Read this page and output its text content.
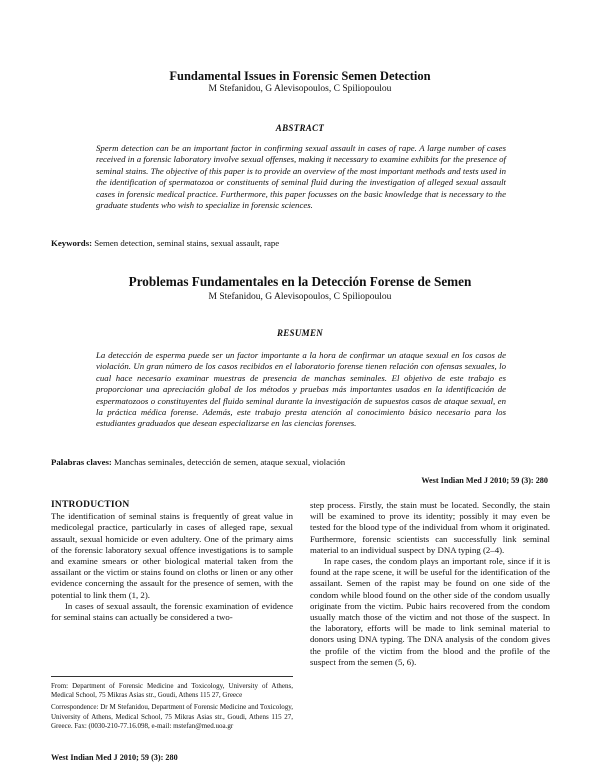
Fundamental Issues in Forensic Semen Detection
M Stefanidou, G Alevisopoulos, C Spiliopoulou
ABSTRACT
Sperm detection can be an important factor in confirming sexual assault in cases of rape. A large number of cases received in a forensic laboratory involve sexual offenses, making it necessary to examine exhibits for the presence of seminal stains. The objective of this paper is to provide an overview of the most important methods and tests used in the identification of spermatozoa or constituents of seminal fluid during the investigation of alleged sexual assault cases in forensic medical practice. Furthermore, this paper focusses on the basic knowledge that is necessary to the graduate students who wish to specialize in forensic sciences.
Keywords: Semen detection, seminal stains, sexual assault, rape
Problemas Fundamentales en la Detección Forense de Semen
M Stefanidou, G Alevisopoulos, C Spiliopoulou
RESUMEN
La detección de esperma puede ser un factor importante a la hora de confirmar un ataque sexual en los casos de violación. Un gran número de los casos recibidos en el laboratorio forense tienen relación con ofensas sexuales, lo cual hace necesario examinar muestras de presencia de manchas seminales. El objetivo de este trabajo es proporcionar una apreciación global de los métodos y pruebas más importantes usados en la identificación de espermatozoos o constituyentes del fluido seminal durante la investigación de supuestos casos de ataque sexual, en la práctica médica forense. Además, este trabajo presta atención al conocimiento básico necesario para los estudiantes graduados que desean especializarse en las ciencias forenses.
Palabras claves: Manchas seminales, detección de semen, ataque sexual, violación
West Indian Med J 2010; 59 (3): 280
INTRODUCTION

The identification of seminal stains is frequently of great value in medicolegal practice, particularly in cases of alleged rape, sexual assault, sexual homicide or even adultery. One of the primary aims of the forensic laboratory sexual offence investigations is to sample and examine smears or other biological material taken from the assailant or the victim or stains found on cloths or linen or any other evidence concerning the assault for the presence of semen, with the potential to link them (1, 2).

In cases of sexual assault, the forensic examination of evidence for seminal stains can actually be considered a two-

step process. Firstly, the stain must be located. Secondly, the stain will be examined to prove its identity; possibly it may even be tested for the blood type of the individual from whom it originated. Furthermore, forensic scientists can successfully link seminal material to an individual suspect by DNA typing (2–4).

In rape cases, the condom plays an important role, since if it is found at the rape scene, it will be useful for the identification of the assailant. Semen of the rapist may be found on one side of the condom while blood found on the other side of the condom usually originate from the victim. Pubic hairs recovered from the condom usually match those of the victim and not those of the suspect. In the laboratory, efforts will be made to link seminal material to donors using DNA typing. The DNA analysis of the condom gives the profile of the victim from the blood and the profile of the suspect from the semen (5, 6).

From: Department of Forensic Medicine and Toxicology, University of Athens, Medical School, 75 Mikras Asias str., Goudi, Athens 115 27, Greece

Correspondence: Dr M Stefanidou, Department of Forensic Medicine and Toxicology, University of Athens, Medical School, 75 Mikras Asias str., Goudi, Athens 115 27, Greece. Fax: (0030-210-77.16.098, e-mail: mstefan@med.uoa.gr

West Indian Med J 2010; 59 (3): 280
